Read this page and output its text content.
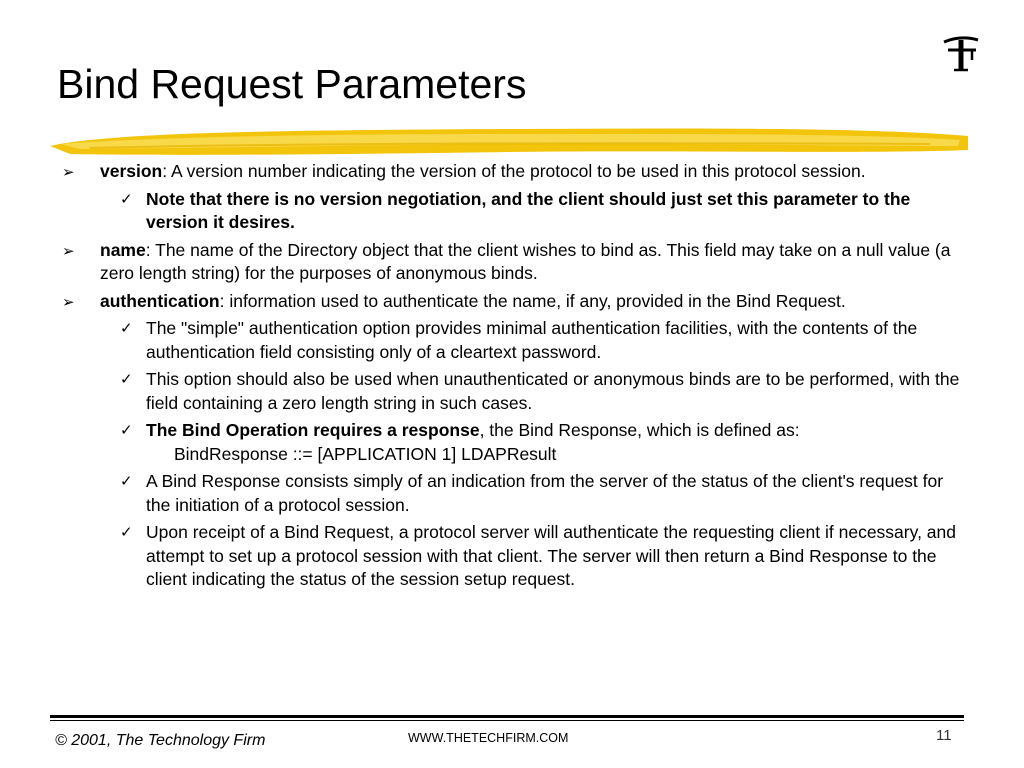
Bind Request Parameters
➢ version: A version number indicating the version of the protocol to be used in this protocol session.
✓ Note that there is no version negotiation, and the client should just set this parameter to the version it desires.
➢ name: The name of the Directory object that the client wishes to bind as. This field may take on a null value (a zero length string) for the purposes of anonymous binds.
➢ authentication: information used to authenticate the name, if any, provided in the Bind Request.
✓ The "simple" authentication option provides minimal authentication facilities, with the contents of the authentication field consisting only of a cleartext password.
✓ This option should also be used when unauthenticated or anonymous binds are to be performed, with the field containing a zero length string in such cases.
✓ The Bind Operation requires a response, the Bind Response, which is defined as:
BindResponse ::= [APPLICATION 1] LDAPResult
✓ A Bind Response consists simply of an indication from the server of the status of the client's request for the initiation of a protocol session.
✓ Upon receipt of a Bind Request, a protocol server will authenticate the requesting client if necessary, and attempt to set up a protocol session with that client. The server will then return a Bind Response to the client indicating the status of the session setup request.
© 2001, The Technology Firm	WWW.THETECHFIRM.COM	11
